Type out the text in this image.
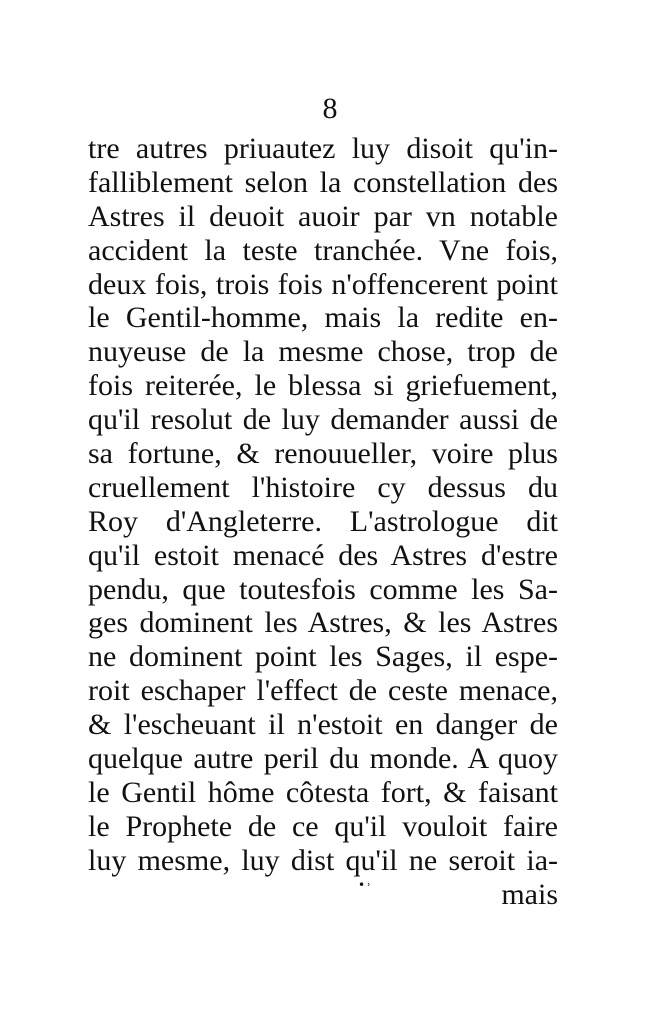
8
tre autres priuautez luy disoit qu'in-
falliblement selon la constellation des
Astres il deuoit auoir par vn notable
accident la teste tranchée. Vne fois,
deux fois, trois fois n'offencerent point
le Gentil-homme, mais la redite en-
nuyeuse de la mesme chose, trop de
fois reiterée, le blessa si griefuement,
qu'il resolut de luy demander aussi de
sa fortune, & renouueller, voire plus
cruellement l'histoire cy dessus du
Roy d'Angleterre. L'astrologue dit
qu'il estoit menacé des Astres d'estre
pendu, que toutesfois comme les Sa-
ges dominent les Astres, & les Astres
ne dominent point les Sages, il espe-
roit eschaper l'effect de ceste menace,
& l'escheuant il n'estoit en danger de
quelque autre peril du monde. A quoy
le Gentil hôme côtesta fort, & faisant
le Prophete de ce qu'il vouloit faire
luy mesme, luy dist qu'il ne seroit ia-
•˒	mais
